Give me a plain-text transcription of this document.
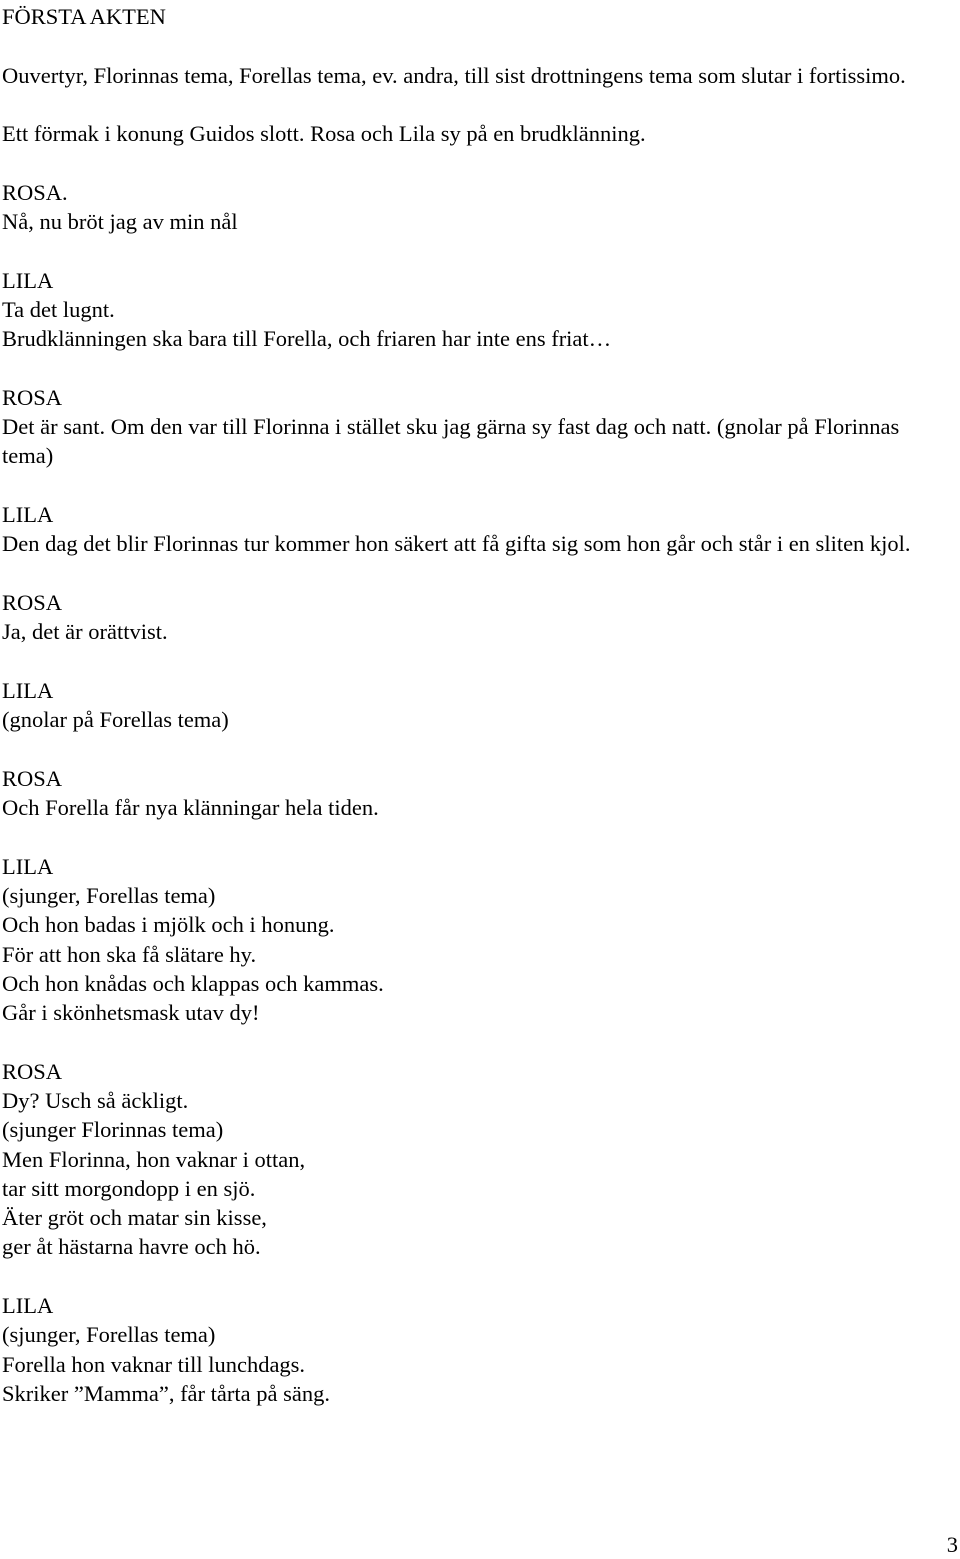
FÖRSTA AKTEN
Ouvertyr, Florinnas tema, Forellas tema, ev. andra, till sist drottningens tema som slutar i fortissimo.
Ett förmak i konung Guidos slott. Rosa och Lila sy på en brudklänning.
ROSA.
Nå, nu bröt jag av min nål
LILA
Ta det lugnt.
Brudklänningen ska bara till Forella, och friaren har inte ens friat…
ROSA
Det är sant. Om den var till Florinna i stället sku jag gärna sy fast dag och natt. (gnolar på Florinnas tema)
LILA
Den dag det blir Florinnas tur kommer hon säkert att få gifta sig som hon går och står i en sliten kjol.
ROSA
Ja, det är orättvist.
LILA
(gnolar på Forellas tema)
ROSA
Och Forella får nya klänningar hela tiden.
LILA
(sjunger, Forellas tema)
Och hon badas i mjölk och i honung.
För att hon ska få slätare hy.
Och hon knådas och klappas och kammas.
Går i skönhetsmask utav dy!
ROSA
Dy? Usch så äckligt.
(sjunger Florinnas tema)
Men Florinna, hon vaknar i ottan,
tar sitt morgondopp i en sjö.
Äter gröt och matar sin kisse,
ger åt hästarna havre och hö.
LILA
(sjunger, Forellas tema)
Forella hon vaknar till lunchdags.
Skriker ”Mamma”, får tårta på säng.
3
